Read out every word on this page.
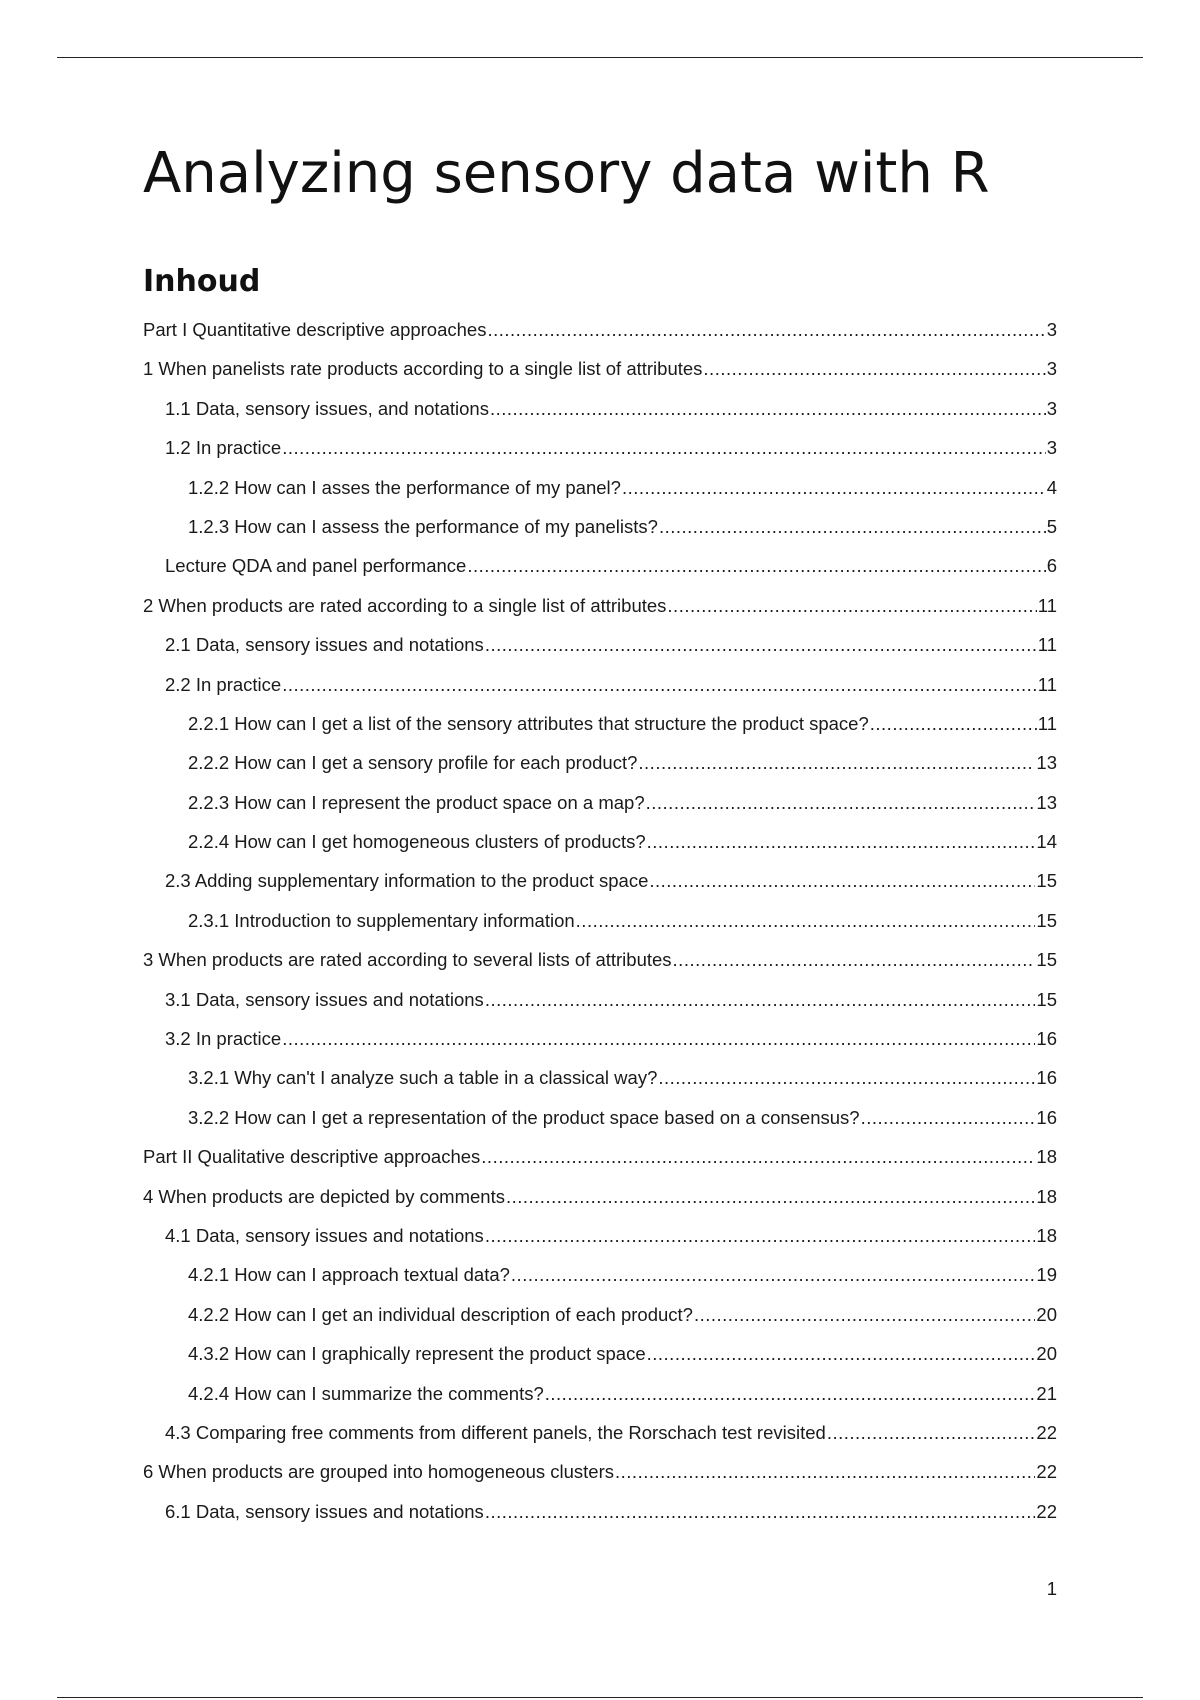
Analyzing sensory data with R
Inhoud
Part I Quantitative descriptive approaches .....	3
1 When panelists rate products according to a single list of attributes .....	3
1.1 Data, sensory issues, and notations .....	3
1.2 In practice .....	3
1.2.2 How can I asses the performance of my panel? .....	4
1.2.3 How can I assess the performance of my panelists? .....	5
Lecture QDA and panel performance .....	6
2 When products are rated according to a single list of attributes .....	11
2.1 Data, sensory issues and notations .....	11
2.2 In practice .....	11
2.2.1 How can I get a list of the sensory attributes that structure the product space? .....	11
2.2.2 How can I get a sensory profile for each product? .....	13
2.2.3 How can I represent the product space on a map? .....	13
2.2.4 How can I get homogeneous clusters of products? .....	14
2.3 Adding supplementary information to the product space .....	15
2.3.1 Introduction to supplementary information .....	15
3 When products are rated according to several lists of attributes .....	15
3.1 Data, sensory issues and notations .....	15
3.2 In practice .....	16
3.2.1 Why can't I analyze such a table in a classical way? .....	16
3.2.2 How can I get a representation of the product space based on a consensus? .....	16
Part II Qualitative descriptive approaches .....	18
4 When products are depicted by comments .....	18
4.1 Data, sensory issues and notations .....	18
4.2.1 How can I approach textual data? .....	19
4.2.2 How can I get an individual description of each product? .....	20
4.3.2 How can I graphically represent the product space .....	20
4.2.4 How can I summarize the comments? .....	21
4.3 Comparing free comments from different panels, the Rorschach test revisited .....	22
6 When products are grouped into homogeneous clusters .....	22
6.1 Data, sensory issues and notations .....	22
1
